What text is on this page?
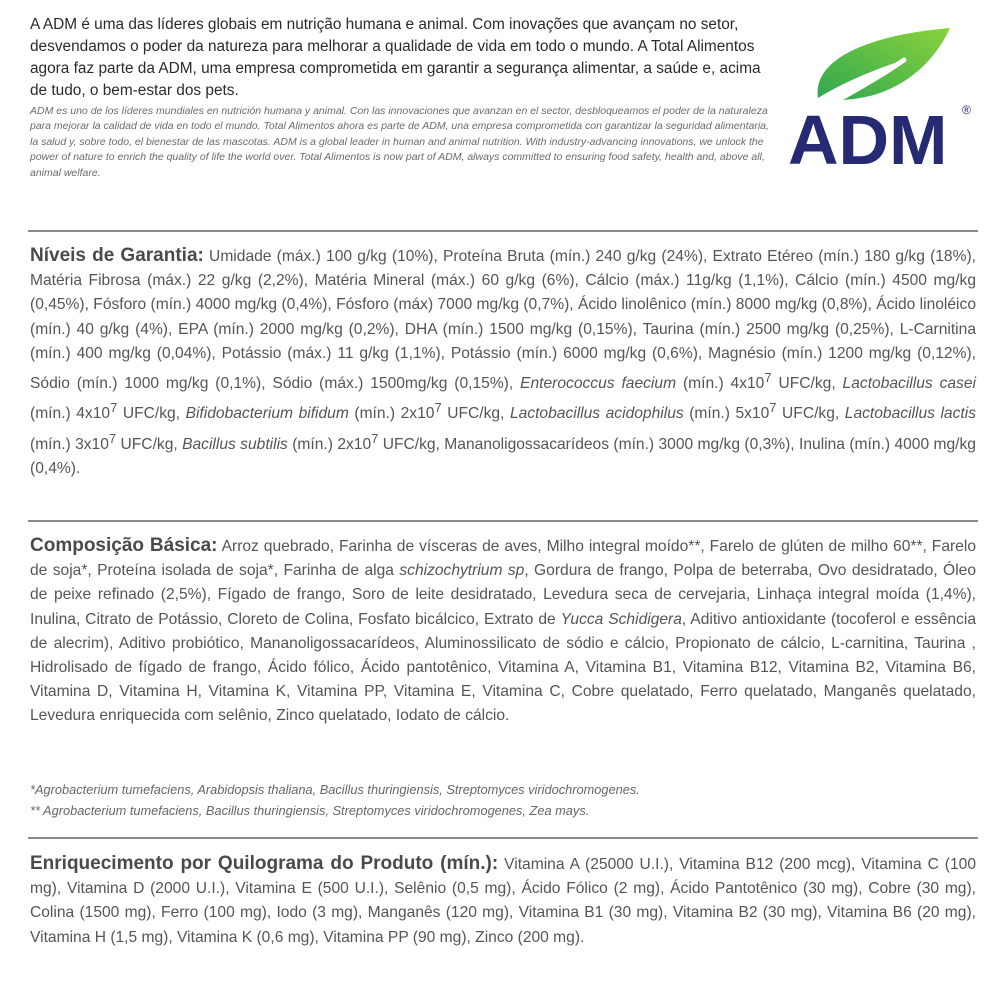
A ADM é uma das líderes globais em nutrição humana e animal. Com inovações que avançam no setor, desvendamos o poder da natureza para melhorar a qualidade de vida em todo o mundo. A Total Alimentos agora faz parte da ADM, uma empresa comprometida em garantir a segurança alimentar, a saúde e, acima de tudo, o bem-estar dos pets.

ADM es uno de los líderes mundiales en nutrición humana y animal. Con las innovaciones que avanzan en el sector, desbloqueamos el poder de la naturaleza para mejorar la calidad de vida en todo el mundo. Total Alimentos ahora es parte de ADM, una empresa comprometida con garantizar la seguridad alimentaria, la salud y, sobre todo, el bienestar de las mascotas. ADM is a global leader in human and animal nutrition. With industry-advancing innovations, we unlock the power of nature to enrich the quality of life the world over. Total Alimentos is now part of ADM, always committed to ensuring food safety, health and, above all, animal welfare.	ADM ®

Níveis de Garantia: Umidade (máx.) 100 g/kg (10%), Proteína Bruta (mín.) 240 g/kg (24%), Extrato Etéreo (mín.) 180 g/kg (18%), Matéria Fibrosa (máx.) 22 g/kg (2,2%), Matéria Mineral (máx.) 60 g/kg (6%), Cálcio (máx.) 11g/kg (1,1%), Cálcio (mín.) 4500 mg/kg (0,45%), Fósforo (mín.) 4000 mg/kg (0,4%), Fósforo (máx) 7000 mg/kg (0,7%), Ácido linolênico (mín.) 8000 mg/kg (0,8%), Ácido linoléico (mín.) 40 g/kg (4%), EPA (mín.) 2000 mg/kg (0,2%), DHA (mín.) 1500 mg/kg (0,15%), Taurina (mín.) 2500 mg/kg (0,25%), L-Carnitina (mín.) 400 mg/kg (0,04%), Potássio (máx.) 11 g/kg (1,1%), Potássio (mín.) 6000 mg/kg (0,6%), Magnésio (mín.) 1200 mg/kg (0,12%), Sódio (mín.) 1000 mg/kg (0,1%), Sódio (máx.) 1500mg/kg (0,15%), Enterococcus faecium (mín.) $4x10^7$ UFC/kg, Lactobacillus casei (mín.) $4x10^7$ UFC/kg, Bifidobacterium bifidum (mín.) $2x10^7$ UFC/kg, Lactobacillus acidophilus (mín.) $5x10^7$ UFC/kg, Lactobacillus lactis (mín.) $3x10^7$ UFC/kg, Bacillus subtilis (mín.) $2x10^7$ UFC/kg, Mananoligossacarídeos (mín.) 3000 mg/kg (0,3%), Inulina (mín.) 4000 mg/kg (0,4%).

Composição Básica: Arroz quebrado, Farinha de vísceras de aves, Milho integral moído**, Farelo de glúten de milho 60**, Farelo de soja*, Proteína isolada de soja*, Farinha de alga schizochytrium sp, Gordura de frango, Polpa de beterraba, Ovo desidratado, Óleo de peixe refinado (2,5%), Fígado de frango, Soro de leite desidratado, Levedura seca de cervejaria, Linhaça integral moída (1,4%), Inulina, Citrato de Potássio, Cloreto de Colina, Fosfato bicálcico, Extrato de Yucca Schidigera, Aditivo antioxidante (tocoferol e essência de alecrim), Aditivo probiótico, Mananoligossacarídeos, Aluminossilicato de sódio e cálcio, Propionato de cálcio, L-carnitina, Taurina , Hidrolisado de fígado de frango, Ácido fólico, Ácido pantotênico, Vitamina A, Vitamina B1, Vitamina B12, Vitamina B2, Vitamina B6, Vitamina D, Vitamina H, Vitamina K, Vitamina PP, Vitamina E, Vitamina C, Cobre quelatado, Ferro quelatado, Manganês quelatado, Levedura enriquecida com selênio, Zinco quelatado, Iodato de cálcio.

*Agrobacterium tumefaciens, Arabidopsis thaliana, Bacillus thuringiensis, Streptomyces viridochromogenes.
** Agrobacterium tumefaciens, Bacillus thuringiensis, Streptomyces viridochromogenes, Zea mays.

Enriquecimento por Quilograma do Produto (mín.): Vitamina A (25000 U.I.), Vitamina B12 (200 mcg), Vitamina C (100 mg), Vitamina D (2000 U.I.), Vitamina E (500 U.I.), Selênio (0,5 mg), Ácido Fólico (2 mg), Ácido Pantotênico (30 mg), Cobre (30 mg), Colina (1500 mg), Ferro (100 mg), Iodo (3 mg), Manganês (120 mg), Vitamina B1 (30 mg), Vitamina B2 (30 mg), Vitamina B6 (20 mg), Vitamina H (1,5 mg), Vitamina K (0,6 mg), Vitamina PP (90 mg), Zinco (200 mg).
